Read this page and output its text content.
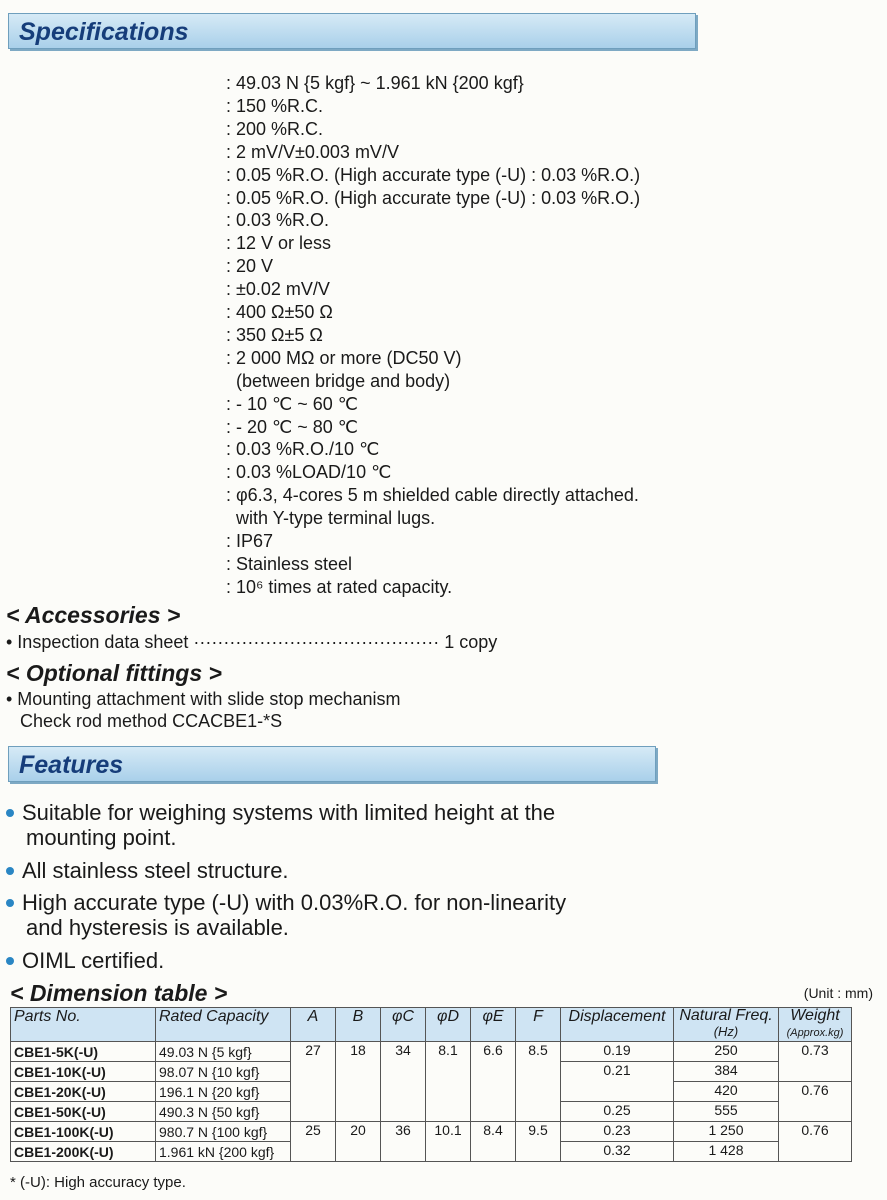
Specifications
: 49.03 N {5 kgf} ~ 1.961 kN {200 kgf}
: 150 %R.C.
: 200 %R.C.
: 2 mV/V±0.003 mV/V
: 0.05 %R.O. (High accurate type (-U) : 0.03 %R.O.)
: 0.05 %R.O. (High accurate type (-U) : 0.03 %R.O.)
: 0.03 %R.O.
: 12 V or less
: 20 V
: ±0.02 mV/V
: 400 Ω±50 Ω
: 350 Ω±5 Ω
: 2 000 MΩ or more (DC50 V)
(between bridge and body)
: - 10 ℃ ~ 60 ℃
: - 20 ℃ ~ 80 ℃
: 0.03 %R.O./10 ℃
: 0.03 %LOAD/10 ℃
: φ6.3, 4-cores 5 m shielded cable directly attached.
with Y-type terminal lugs.
: IP67
: Stainless steel
: 10⁶ times at rated capacity.
< Accessories >
• Inspection data sheet ········································· 1 copy
< Optional fittings >
• Mounting attachment with slide stop mechanism
Check rod method CCACBE1-*S
Features
Suitable for weighing systems with limited height at the
mounting point.
All stainless steel structure.
High accurate type (-U) with 0.03%R.O. for non-linearity
and hysteresis is available.
OIML certified.
< Dimension table >	(Unit : mm)
Parts No.	Rated Capacity	A	B	φC	φD	φE	F	Displacement	Natural Freq.
(Hz)	Weight
(Approx.kg)
CBE1-5K(-U)	49.03 N {5 kgf}	27	18	34	8.1	6.6	8.5	0.19	250	0.73
CBE1-10K(-U)	98.07 N {10 kgf}							0.21	384	
CBE1-20K(-U)	196.1 N {20 kgf}								420	0.76
CBE1-50K(-U)	490.3 N {50 kgf}							0.25	555	
CBE1-100K(-U)	980.7 N {100 kgf}	25	20	36	10.1	8.4	9.5	0.23	1 250	0.76
CBE1-200K(-U)	1.961 kN {200 kgf}							0.32	1 428	
* (-U): High accuracy type.
